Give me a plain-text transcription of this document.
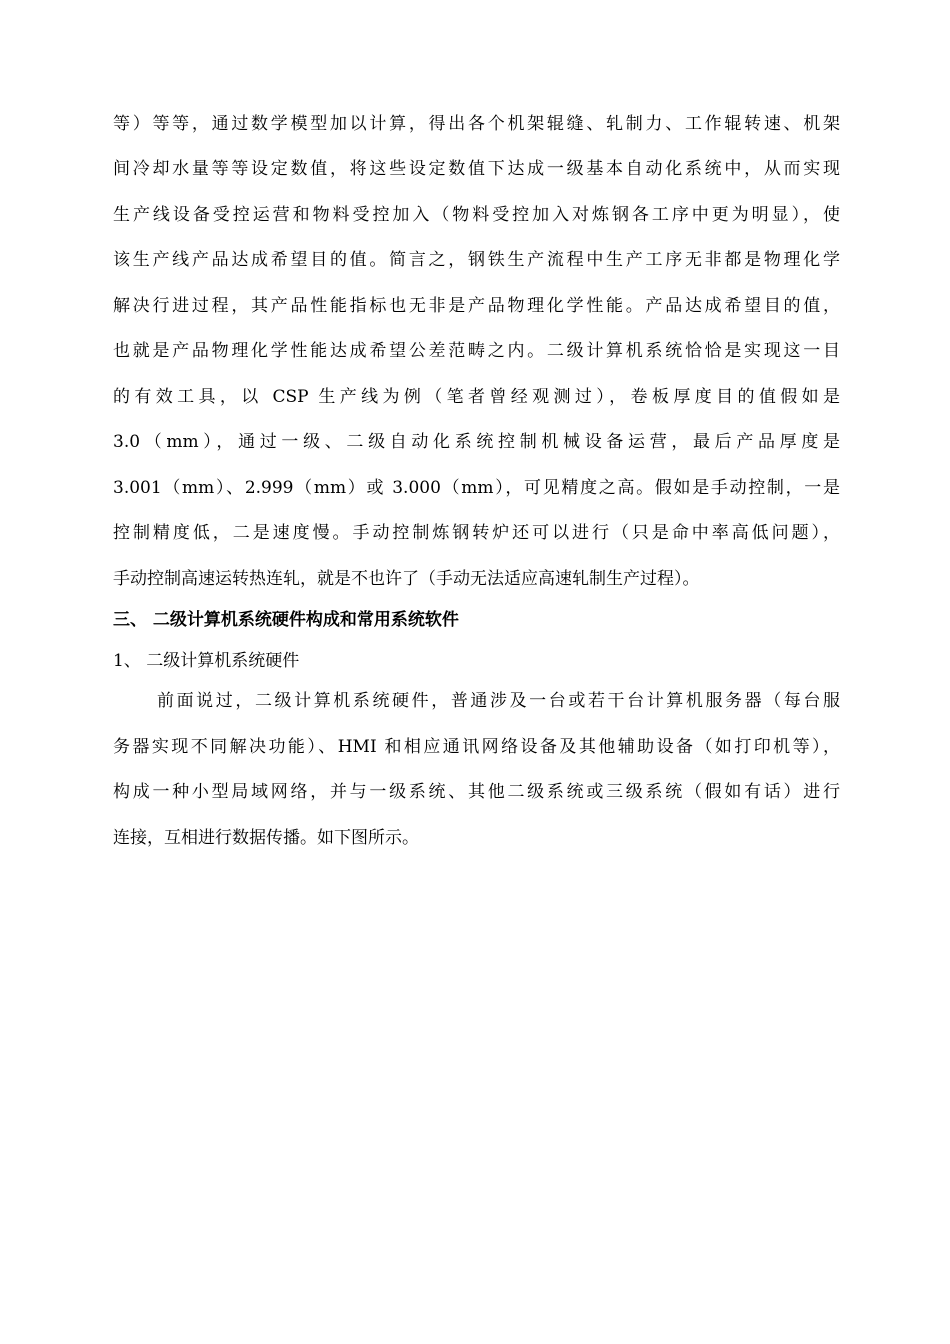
等）等等，通过数学模型加以计算，得出各个机架辊缝、轧制力、工作辊转速、机架
间冷却水量等等设定数值，将这些设定数值下达成一级基本自动化系统中，从而实现
生产线设备受控运营和物料受控加入（物料受控加入对炼钢各工序中更为明显），使
该生产线产品达成希望目的值。简言之，钢铁生产流程中生产工序无非都是物理化学
解决行进过程，其产品性能指标也无非是产品物理化学性能。产品达成希望目的值，
也就是产品物理化学性能达成希望公差范畴之内。二级计算机系统恰恰是实现这一目
的有效工具，以 CSP 生产线为例（笔者曾经观测过），卷板厚度目的值假如是
3.0（mm），通过一级、二级自动化系统控制机械设备运营，最后产品厚度是
3.001（mm）、2.999（mm）或 3.000（mm），可见精度之高。假如是手动控制，一是
控制精度低，二是速度慢。手动控制炼钢转炉还可以进行（只是命中率高低问题），
手动控制高速运转热连轧，就是不也许了（手动无法适应高速轧制生产过程）。
三、 二级计算机系统硬件构成和常用系统软件
1、 二级计算机系统硬件
前面说过，二级计算机系统硬件，普通涉及一台或若干台计算机服务器（每台服
务器实现不同解决功能）、HMI 和相应通讯网络设备及其他辅助设备（如打印机等），
构成一种小型局域网络，并与一级系统、其他二级系统或三级系统（假如有话）进行
连接，互相进行数据传播。如下图所示。
